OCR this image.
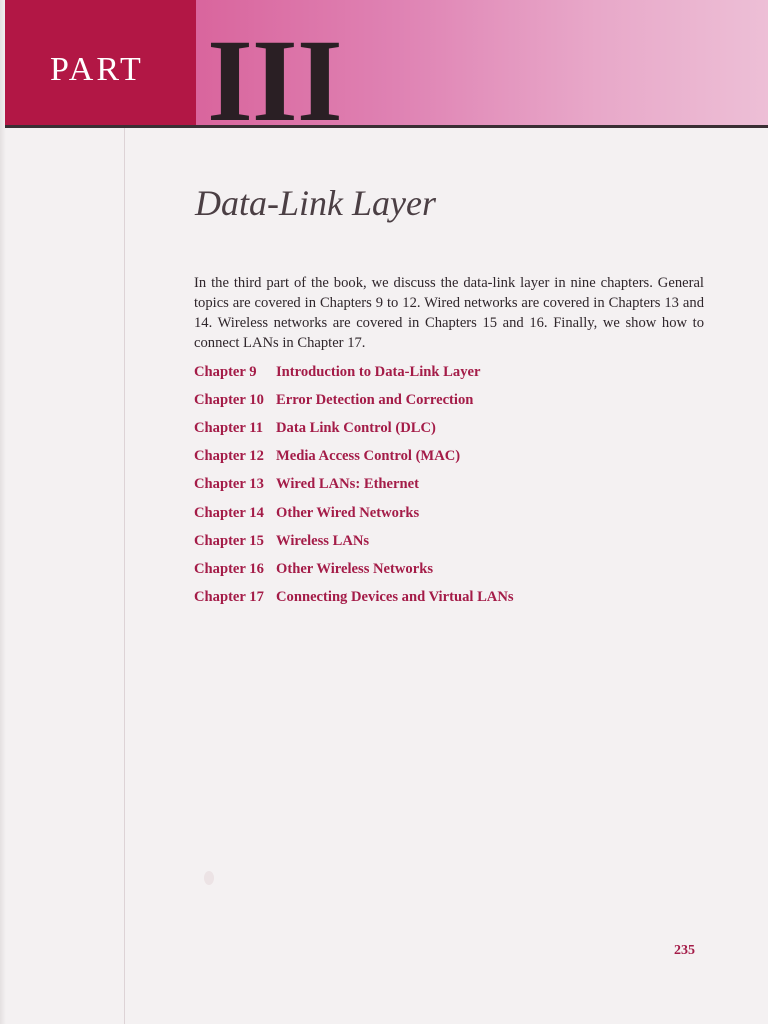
PART III
Data-Link Layer

In the third part of the book, we discuss the data-link layer in nine chapters. General topics are covered in Chapters 9 to 12. Wired networks are covered in Chapters 13 and 14. Wireless networks are covered in Chapters 15 and 16. Finally, we show how to connect LANs in Chapter 17.

Chapter 9	Introduction to Data-Link Layer
Chapter 10 Error Detection and Correction
Chapter 11 Data Link Control (DLC)
Chapter 12 Media Access Control (MAC)
Chapter 13 Wired LANs: Ethernet
Chapter 14 Other Wired Networks
Chapter 15 Wireless LANs
Chapter 16 Other Wireless Networks
Chapter 17 Connecting Devices and Virtual LANs
235
